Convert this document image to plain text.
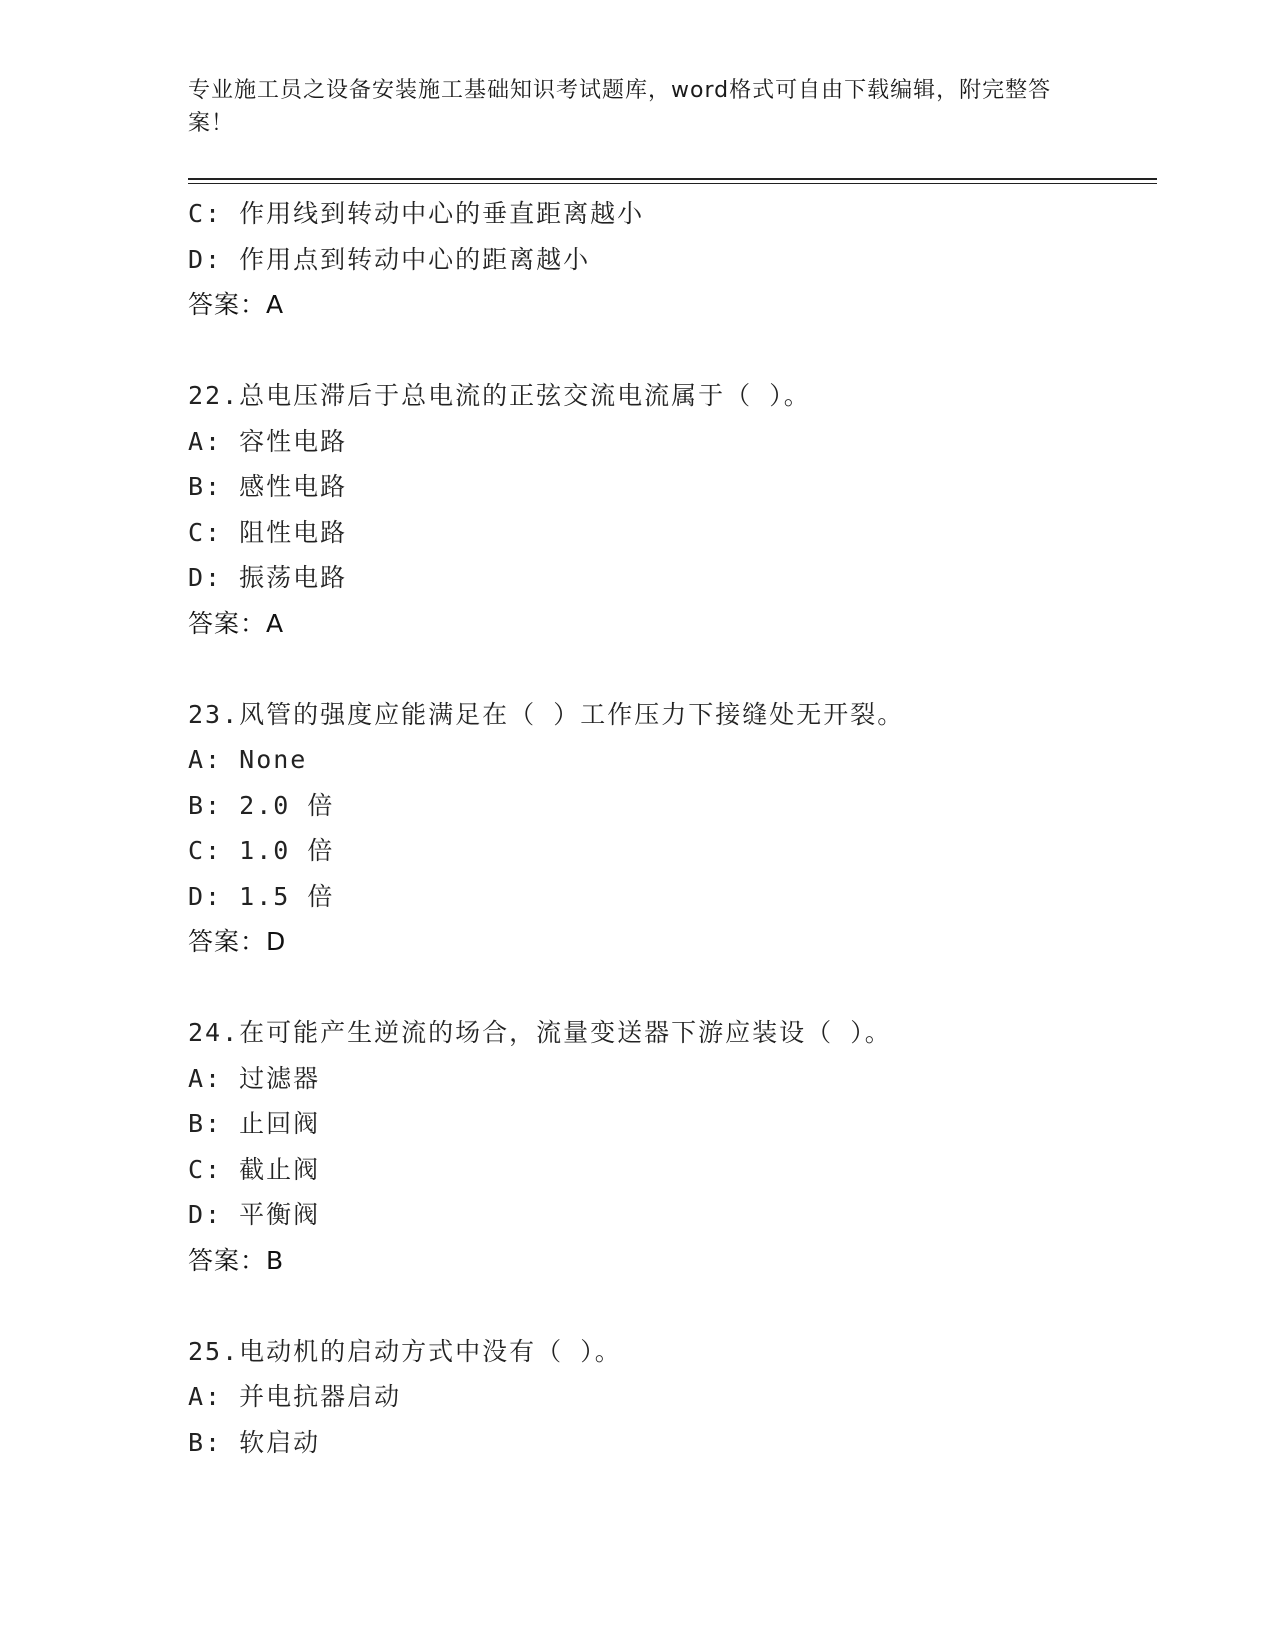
专业施工员之设备安装施工基础知识考试题库，word格式可自由下载编辑，附完整答案！
C: 作用线到转动中心的垂直距离越小
D: 作用点到转动中心的距离越小
答案：A
22.总电压滞后于总电流的正弦交流电流属于（ ）。
A: 容性电路
B: 感性电路
C: 阻性电路
D: 振荡电路
答案：A
23.风管的强度应能满足在（ ）工作压力下接缝处无开裂。
A: None
B: 2.0 倍
C: 1.0 倍
D: 1.5 倍
答案：D
24.在可能产生逆流的场合，流量变送器下游应装设（ ）。
A: 过滤器
B: 止回阀
C: 截止阀
D: 平衡阀
答案：B
25.电动机的启动方式中没有（ ）。
A: 并电抗器启动
B: 软启动
